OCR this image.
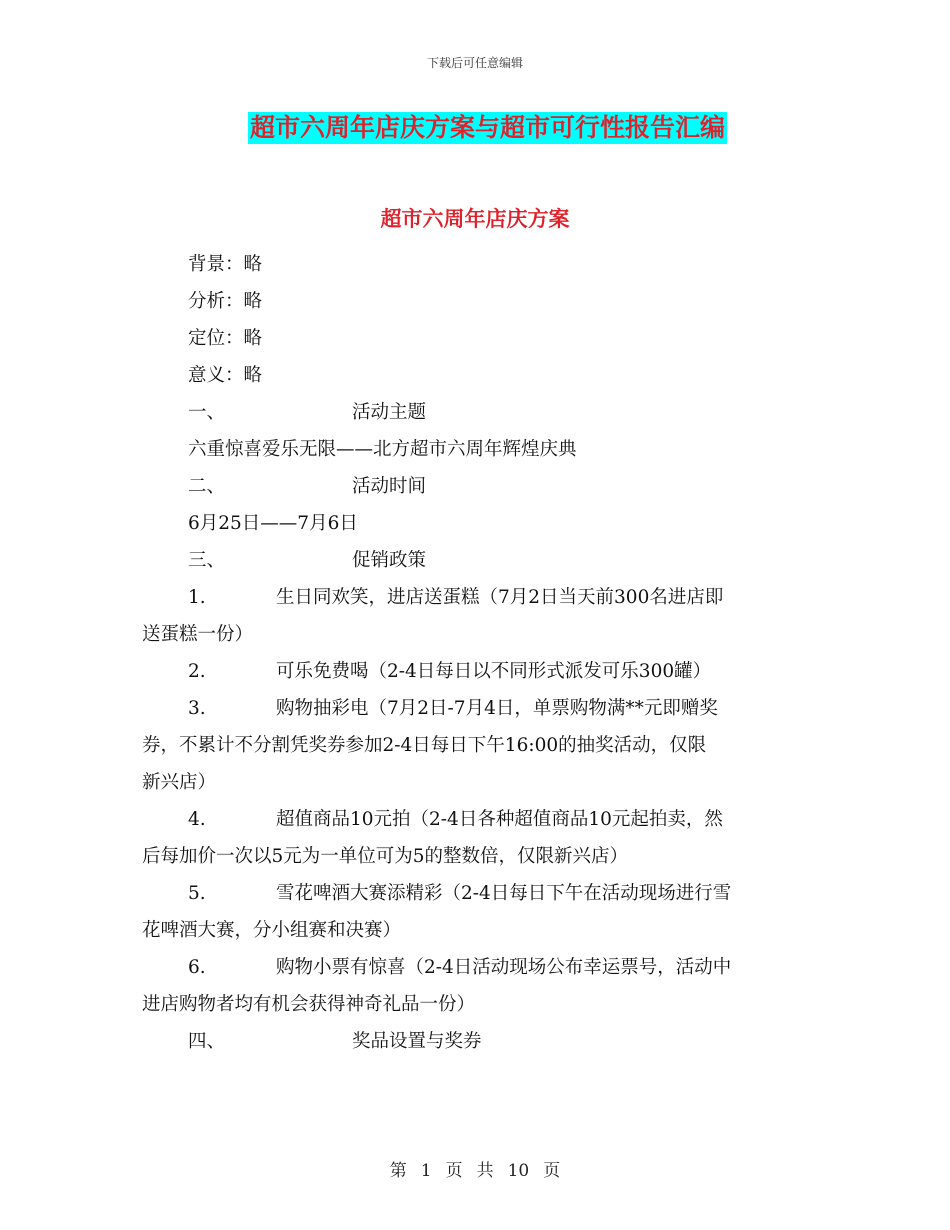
下载后可任意编辑
超市六周年店庆方案与超市可行性报告汇编
超市六周年店庆方案
背景：略
分析：略
定位：略
意义：略
一、	活动主题
六重惊喜爱乐无限——北方超市六周年辉煌庆典
二、	活动时间
6月25日——7月6日
三、	促销政策
1.	生日同欢笑，进店送蛋糕（7月2日当天前300名进店即
送蛋糕一份）
2.	可乐免费喝（2-4日每日以不同形式派发可乐300罐）
3.	购物抽彩电（7月2日-7月4日，单票购物满**元即赠奖
券，不累计不分割凭奖券参加2-4日每日下午16:00的抽奖活动，仅限
新兴店）
4.	超值商品10元拍（2-4日各种超值商品10元起拍卖，然
后每加价一次以5元为一单位可为5的整数倍，仅限新兴店）
5.	雪花啤酒大赛添精彩（2-4日每日下午在活动现场进行雪
花啤酒大赛，分小组赛和决赛）
6.	购物小票有惊喜（2-4日活动现场公布幸运票号，活动中
进店购物者均有机会获得神奇礼品一份）
四、	奖品设置与奖券
第 1 页 共 10 页
